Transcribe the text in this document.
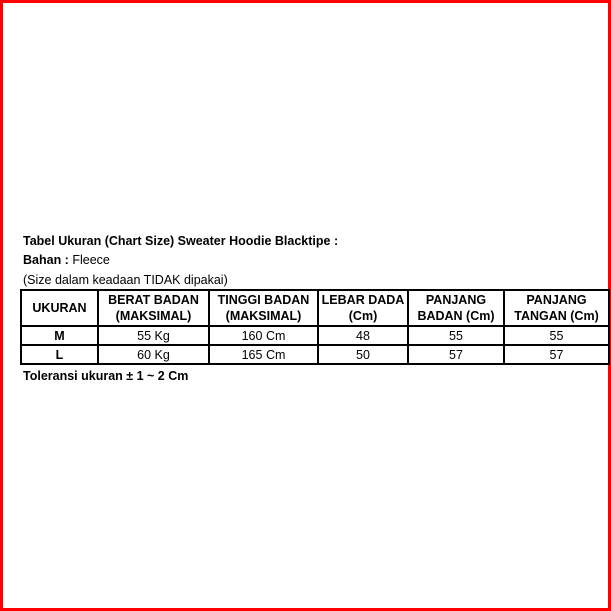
Tabel Ukuran (Chart Size) Sweater Hoodie Blacktipe :
Bahan : Fleece
(Size dalam keadaan TIDAK dipakai)
UKURAN	BERAT BADAN (MAKSIMAL)	TINGGI BADAN (MAKSIMAL)	LEBAR DADA (Cm)	PANJANG BADAN (Cm)	PANJANG TANGAN (Cm)
M	55 Kg	160 Cm	48	55	55
L	60 Kg	165 Cm	50	57	57
Toleransi ukuran ± 1 ~ 2 Cm
